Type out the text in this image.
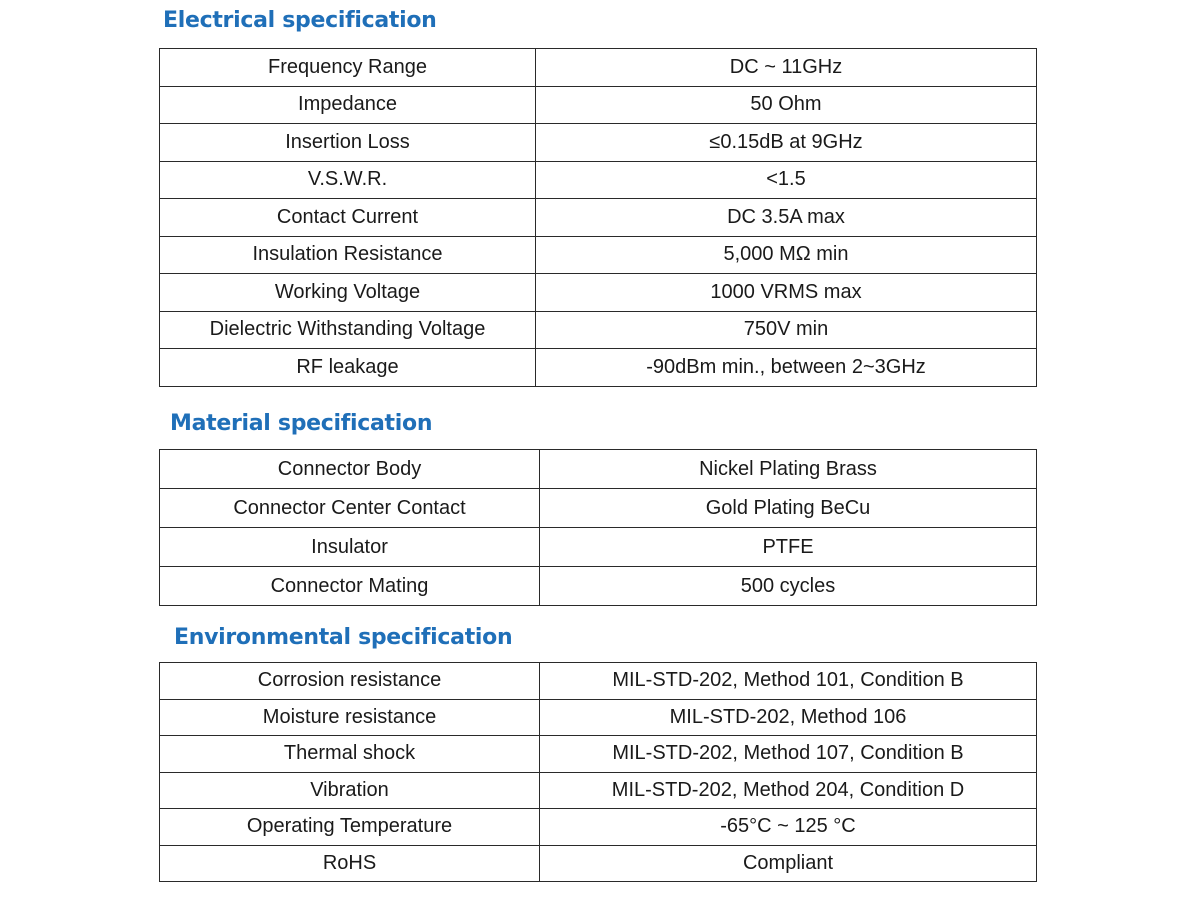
Electrical specification
Frequency Range	DC ~ 11GHz
Impedance	50 Ohm
Insertion Loss	≤0.15dB at 9GHz
V.S.W.R.	<1.5
Contact Current	DC 3.5A max
Insulation Resistance	5,000 MΩ min
Working Voltage	1000 VRMS max
Dielectric Withstanding Voltage	750V min
RF leakage	-90dBm min., between 2~3GHz
Material specification
Connector Body	Nickel Plating Brass
Connector Center Contact	Gold Plating BeCu
Insulator	PTFE
Connector Mating	500 cycles
Environmental specification
Corrosion resistance	MIL-STD-202, Method 101, Condition B
Moisture resistance	MIL-STD-202, Method 106
Thermal shock	MIL-STD-202, Method 107, Condition B
Vibration	MIL-STD-202, Method 204, Condition D
Operating Temperature	-65°C ~ 125 °C
RoHS	Compliant
